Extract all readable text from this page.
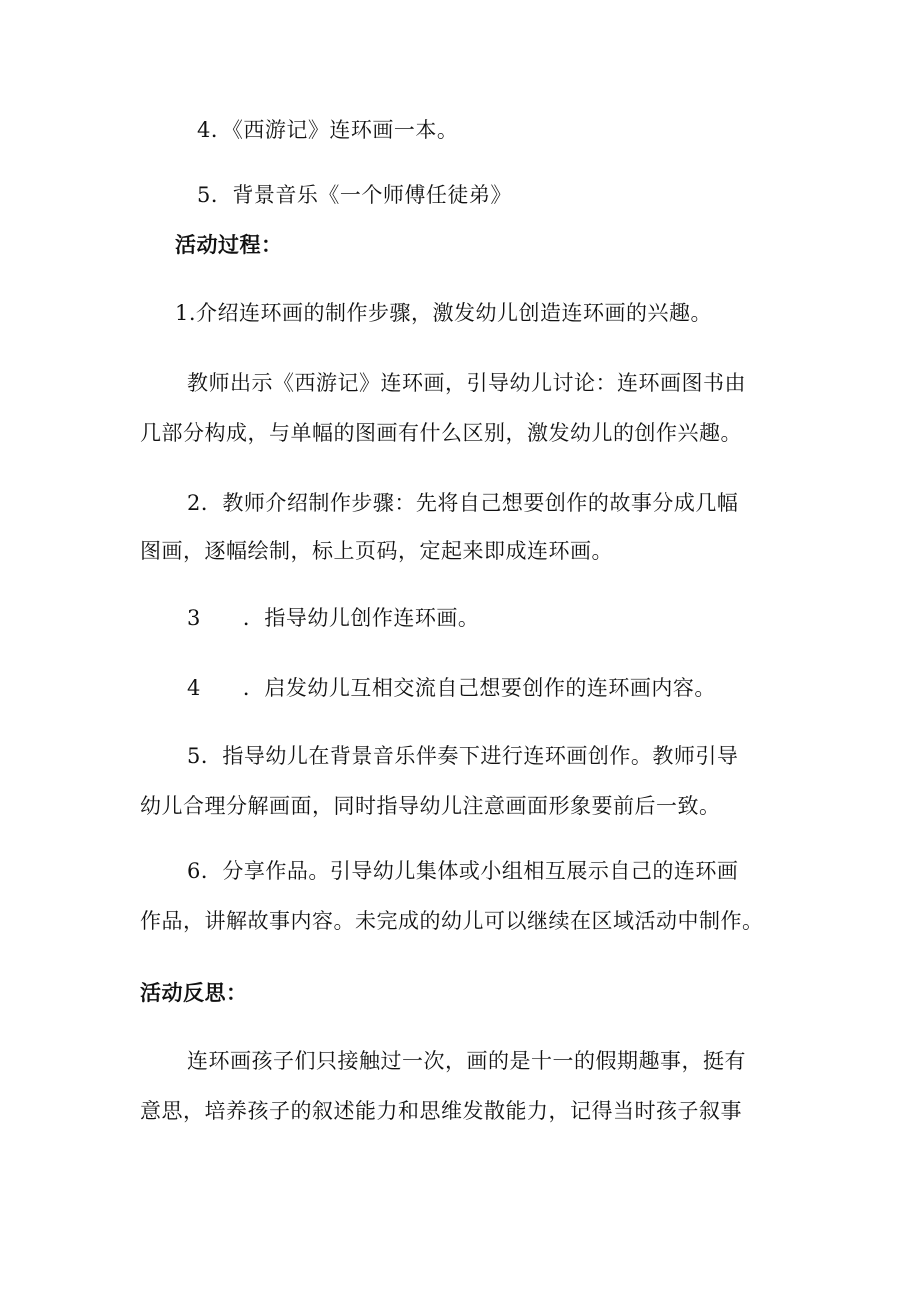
4．《西游记》连环画一本。
5．背景音乐《一个师傅任徒弟》
活动过程：
1.介绍连环画的制作步骤，激发幼儿创造连环画的兴趣。
教师出示《西游记》连环画，引导幼儿讨论：连环画图书由
几部分构成，与单幅的图画有什么区别，激发幼儿的创作兴趣。
2．教师介绍制作步骤：先将自己想要创作的故事分成几幅
图画，逐幅绘制，标上页码，定起来即成连环画。
3 ．指导幼儿创作连环画。
4 ．启发幼儿互相交流自己想要创作的连环画内容。
5．指导幼儿在背景音乐伴奏下进行连环画创作。教师引导
幼儿合理分解画面，同时指导幼儿注意画面形象要前后一致。
6．分享作品。引导幼儿集体或小组相互展示自己的连环画
作品，讲解故事内容。未完成的幼儿可以继续在区域活动中制作。
活动反思：
连环画孩子们只接触过一次，画的是十一的假期趣事，挺有
意思，培养孩子的叙述能力和思维发散能力，记得当时孩子叙事
